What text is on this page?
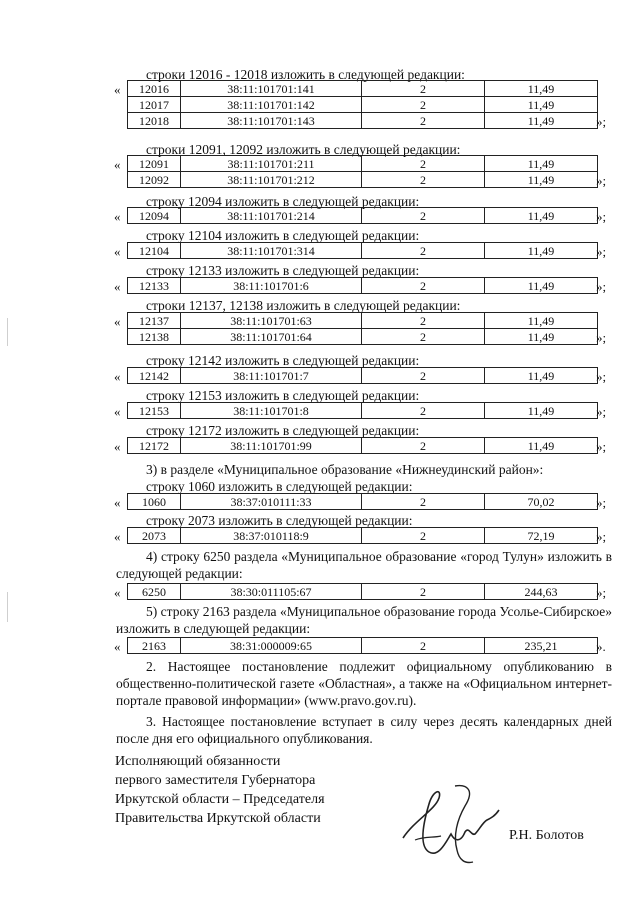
строки 12016 - 12018 изложить в следующей редакции:
12016	38:11:101701:141	2	11,49
12017	38:11:101701:142	2	11,49
12018	38:11:101701:143	2	11,49
«
»;
строки 12091, 12092 изложить в следующей редакции:
12091	38:11:101701:211	2	11,49
12092	38:11:101701:212	2	11,49
«
»;
строку 12094 изложить в следующей редакции:
12094	38:11:101701:214	2	11,49
«	»;
строку 12104 изложить в следующей редакции:
12104	38:11:101701:314	2	11,49
«	»;
строку 12133 изложить в следующей редакции:
12133	38:11:101701:6	2	11,49
«	»;
строки 12137, 12138 изложить в следующей редакции:
12137	38:11:101701:63	2	11,49
12138	38:11:101701:64	2	11,49
«
»;
строку 12142 изложить в следующей редакции:
12142	38:11:101701:7	2	11,49
«	»;
строку 12153 изложить в следующей редакции:
12153	38:11:101701:8	2	11,49
«	»;
строку 12172 изложить в следующей редакции:
12172	38:11:101701:99	2	11,49
«	»;
3) в разделе «Муниципальное образование «Нижнеудинский район»:
строку 1060 изложить в следующей редакции:
1060	38:37:010111:33	2	70,02
«	»;
строку 2073 изложить в следующей редакции:
2073	38:37:010118:9	2	72,19
«	»;
4) строку 6250 раздела «Муниципальное образование «город Тулун» изложить в следующей редакции:
6250	38:30:011105:67	2	244,63
«	»;
5) строку 2163 раздела «Муниципальное образование города Усолье-Сибирское» изложить в следующей редакции:
2163	38:31:000009:65	2	235,21
«	».
2. Настоящее постановление подлежит официальному опубликованию в общественно-политической газете «Областная», а также на «Официальном интернет-портале правовой информации» (www.pravo.gov.ru).
3. Настоящее постановление вступает в силу через десять календарных дней после дня его официального опубликования.
Исполняющий обязанности
первого заместителя Губернатора
Иркутской области – Председателя
Правительства Иркутской области
Р.Н. Болотов
